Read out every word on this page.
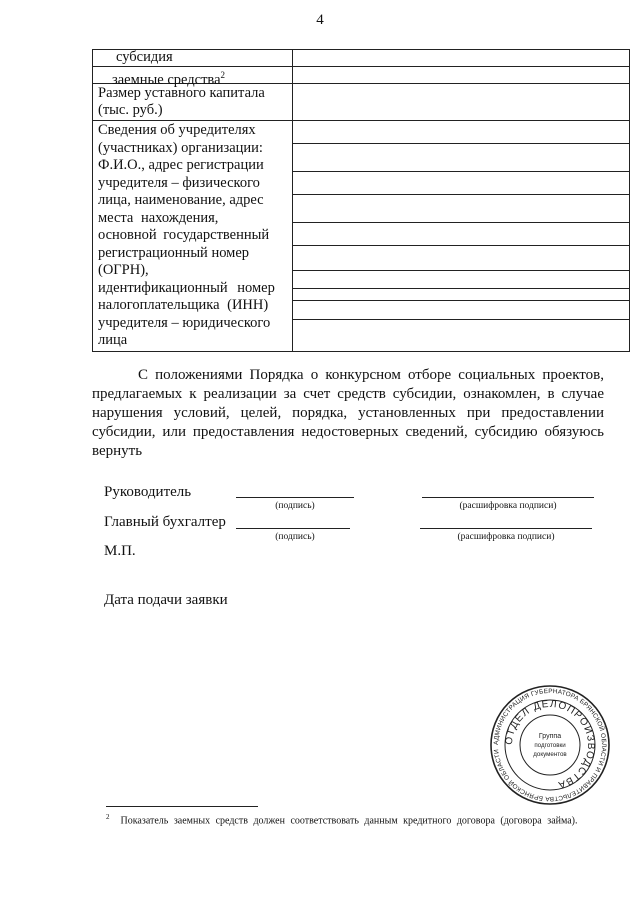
4
субсидия
заемные средства$^2$
Размер уставного капитала
(тыс. руб.)
Сведения об учредителях
(участниках) организации:
Ф.И.О., адрес регистрации
учредителя – физического
лица, наименование, адрес
места нахождения,
основной государственный
регистрационный номер
(ОГРН),
идентификационный номер
налогоплательщика (ИНН)
учредителя – юридического
лица
С положениями Порядка о конкурсном отборе социальных проектов, предлагаемых к реализации за счет средств субсидии, ознакомлен, в случае нарушения условий, целей, порядка, установленных при предоставлении субсидии, или предоставления недостоверных сведений, субсидию обязуюсь вернуть
Руководитель
(подпись)	(расшифровка подписи)
Главный бухгалтер
(подпись)	(расшифровка подписи)
М.П.
Дата подачи заявки
АДМИНИСТРАЦИЯ ГУБЕРНАТОРА БРЯНСКОЙ ОБЛАСТИ И ПРАВИТЕЛЬСТВА БРЯНСКОЙ ОБЛАСТИ
ОТДЕЛ ДЕЛОПРОИЗВОДСТВА
Группа
подготовки
документов
$^2$ Показатель заемных средств должен соответствовать данным кредитного договора (договора займа).
